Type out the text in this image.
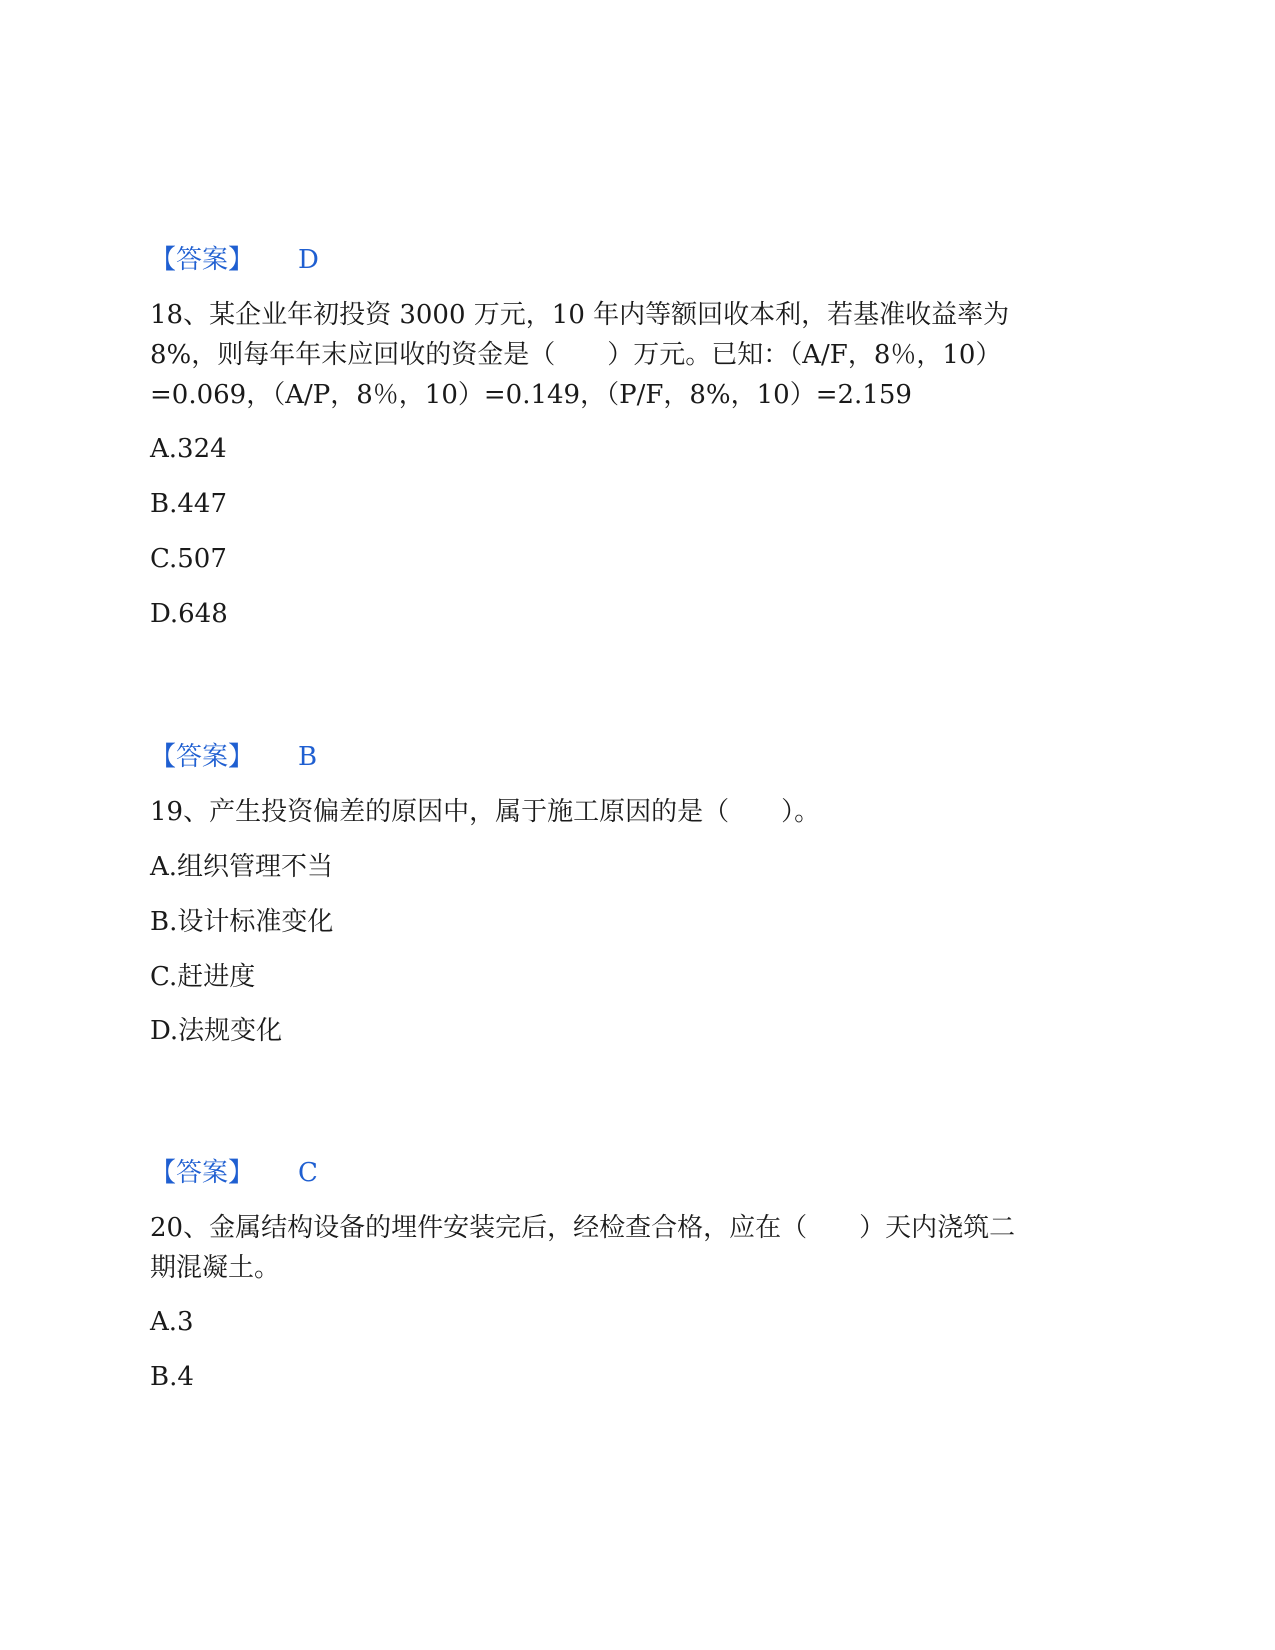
【答案】 D
18、某企业年初投资 3000 万元，10 年内等额回收本利，若基准收益率为
8%，则每年年末应回收的资金是（　　）万元。已知：（A/F，8％，10）
=0.069，（A/P，8％，10）=0.149，（P/F，8%，10）=2.159
A.324
B.447
C.507
D.648
【答案】 B
19、产生投资偏差的原因中，属于施工原因的是（　　）。
A.组织管理不当
B.设计标准变化
C.赶进度
D.法规变化
【答案】 C
20、金属结构设备的埋件安装完后，经检查合格，应在（　　）天内浇筑二
期混凝土。
A.3
B.4
